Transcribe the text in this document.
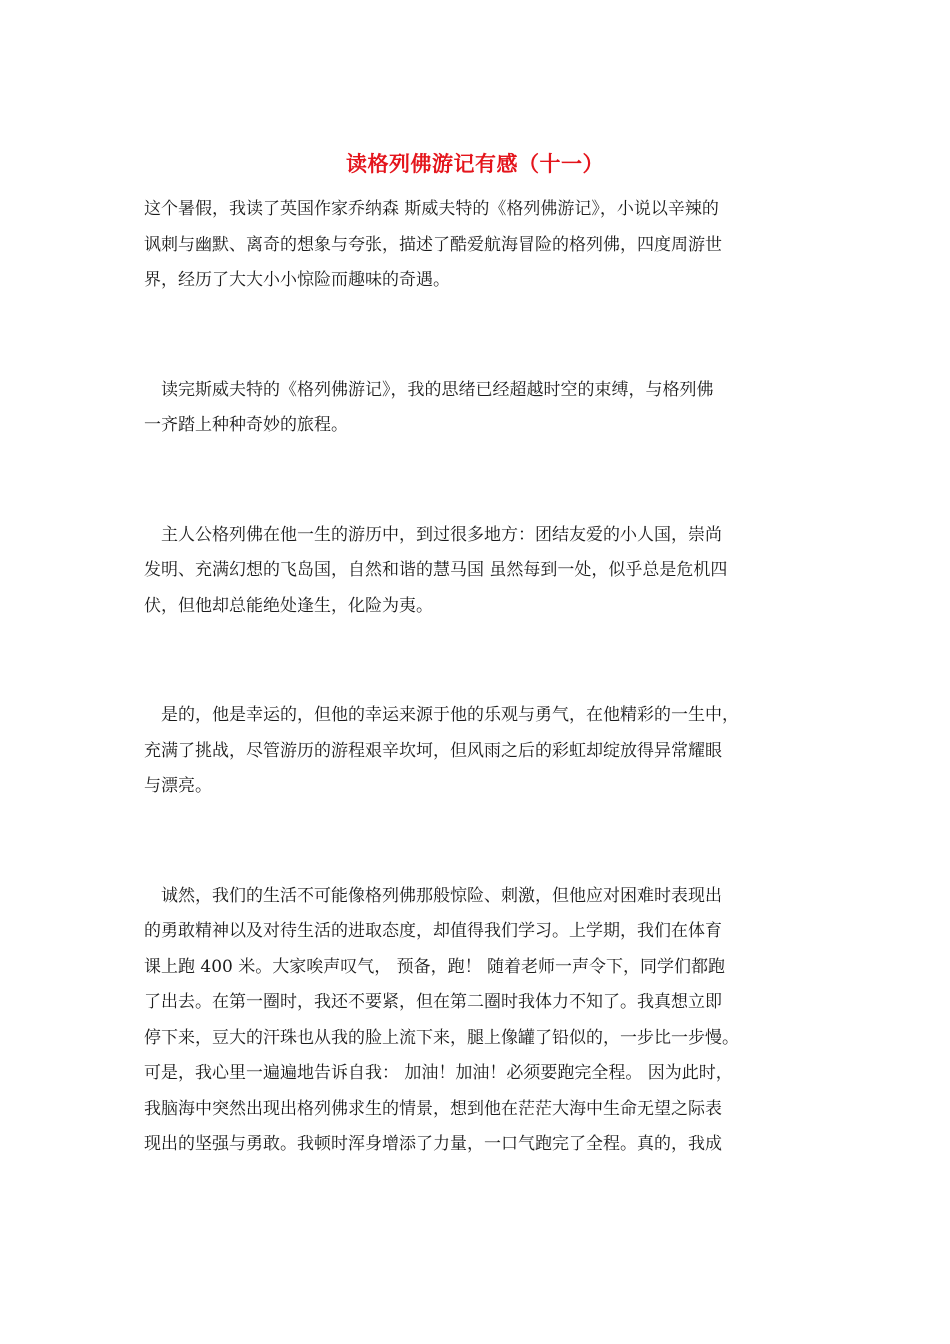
读格列佛游记有感（十一）

这个暑假，我读了英国作家乔纳森 斯威夫特的《格列佛游记》，小说以辛辣的
讽刺与幽默、离奇的想象与夸张，描述了酷爱航海冒险的格列佛，四度周游世
界，经历了大大小小惊险而趣味的奇遇。

　读完斯威夫特的《格列佛游记》，我的思绪已经超越时空的束缚，与格列佛
一齐踏上种种奇妙的旅程。

　主人公格列佛在他一生的游历中，到过很多地方：团结友爱的小人国，崇尚
发明、充满幻想的飞岛国，自然和谐的慧马国 虽然每到一处，似乎总是危机四
伏，但他却总能绝处逢生，化险为夷。

　是的，他是幸运的，但他的幸运来源于他的乐观与勇气，在他精彩的一生中，
充满了挑战，尽管游历的游程艰辛坎坷，但风雨之后的彩虹却绽放得异常耀眼
与漂亮。

　诚然，我们的生活不可能像格列佛那般惊险、刺激，但他应对困难时表现出
的勇敢精神以及对待生活的进取态度，却值得我们学习。上学期，我们在体育
课上跑 400 米。大家唉声叹气， 预备，跑！ 随着老师一声令下，同学们都跑
了出去。在第一圈时，我还不要紧，但在第二圈时我体力不知了。我真想立即
停下来，豆大的汗珠也从我的脸上流下来，腿上像罐了铅似的，一步比一步慢。
可是，我心里一遍遍地告诉自我： 加油！加油！必须要跑完全程。 因为此时，
我脑海中突然出现出格列佛求生的情景，想到他在茫茫大海中生命无望之际表
现出的坚强与勇敢。我顿时浑身增添了力量，一口气跑完了全程。真的，我成
